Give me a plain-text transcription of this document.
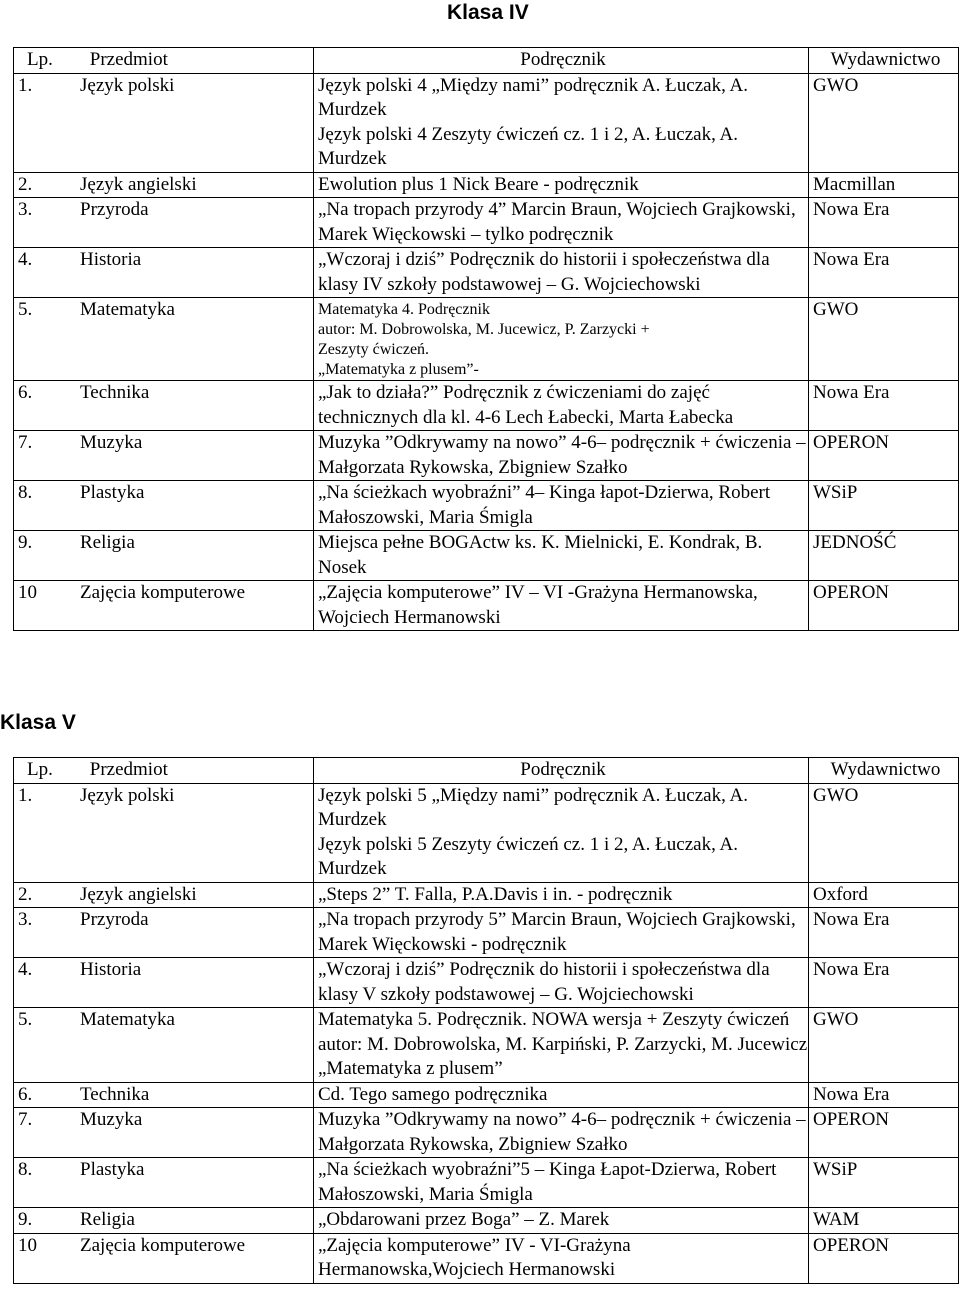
Klasa IV
Lp. Przedmiot	Podręcznik	Wydawnictwo
1. Język polski	Język polski 4 „Między nami” podręcznik A. Łuczak, A. Murdzek
Język polski 4 Zeszyty ćwiczeń cz. 1 i 2, A. Łuczak, A. Murdzek	GWO
2. Język angielski	Ewolution plus 1 Nick Beare - podręcznik	Macmillan
3. Przyroda	„Na tropach przyrody 4” Marcin Braun, Wojciech Grajkowski, Marek Więckowski – tylko podręcznik	Nowa Era
4. Historia	„Wczoraj i dziś” Podręcznik do historii i społeczeństwa dla klasy IV szkoły podstawowej – G. Wojciechowski	Nowa Era
5. Matematyka	Matematyka 4. Podręcznik
autor: M. Dobrowolska, M. Jucewicz, P. Zarzycki +
Zeszyty ćwiczeń.
„Matematyka z plusem”-	GWO
6. Technika	„Jak to działa?” Podręcznik z ćwiczeniami do zajęć technicznych dla kl. 4-6 Lech Łabecki, Marta Łabecka	Nowa Era
7. Muzyka	Muzyka ”Odkrywamy na nowo” 4-6– podręcznik + ćwiczenia – Małgorzata Rykowska, Zbigniew Szałko	OPERON
8. Plastyka	„Na ścieżkach wyobraźni” 4– Kinga łapot-Dzierwa, Robert Małoszowski, Maria Śmigla	WSiP
9. Religia	Miejsca pełne BOGActw ks. K. Mielnicki, E. Kondrak, B. Nosek	JEDNOŚĆ
10 Zajęcia komputerowe	„Zajęcia komputerowe” IV – VI -Grażyna Hermanowska, Wojciech Hermanowski	OPERON
Klasa V
Lp. Przedmiot	Podręcznik	Wydawnictwo
1. Język polski	Język polski 5 „Między nami” podręcznik A. Łuczak, A. Murdzek
Język polski 5 Zeszyty ćwiczeń cz. 1 i 2, A. Łuczak, A. Murdzek	GWO
2. Język angielski	„Steps 2” T. Falla, P.A.Davis i in. - podręcznik	Oxford
3. Przyroda	„Na tropach przyrody 5” Marcin Braun, Wojciech Grajkowski, Marek Więckowski - podręcznik	Nowa Era
4. Historia	„Wczoraj i dziś” Podręcznik do historii i społeczeństwa dla klasy V szkoły podstawowej – G. Wojciechowski	Nowa Era
5. Matematyka	Matematyka 5. Podręcznik. NOWA wersja + Zeszyty ćwiczeń autor: M. Dobrowolska, M. Karpiński, P. Zarzycki, M. Jucewicz „Matematyka z plusem”	GWO
6. Technika	Cd. Tego samego podręcznika	Nowa Era
7. Muzyka	Muzyka ”Odkrywamy na nowo” 4-6– podręcznik + ćwiczenia – Małgorzata Rykowska, Zbigniew Szałko	OPERON
8. Plastyka	„Na ścieżkach wyobraźni”5 – Kinga Łapot-Dzierwa, Robert Małoszowski, Maria Śmigla	WSiP
9. Religia	„Obdarowani przez Boga” – Z. Marek	WAM
10 Zajęcia komputerowe	„Zajęcia komputerowe” IV - VI-Grażyna Hermanowska,Wojciech Hermanowski	OPERON
